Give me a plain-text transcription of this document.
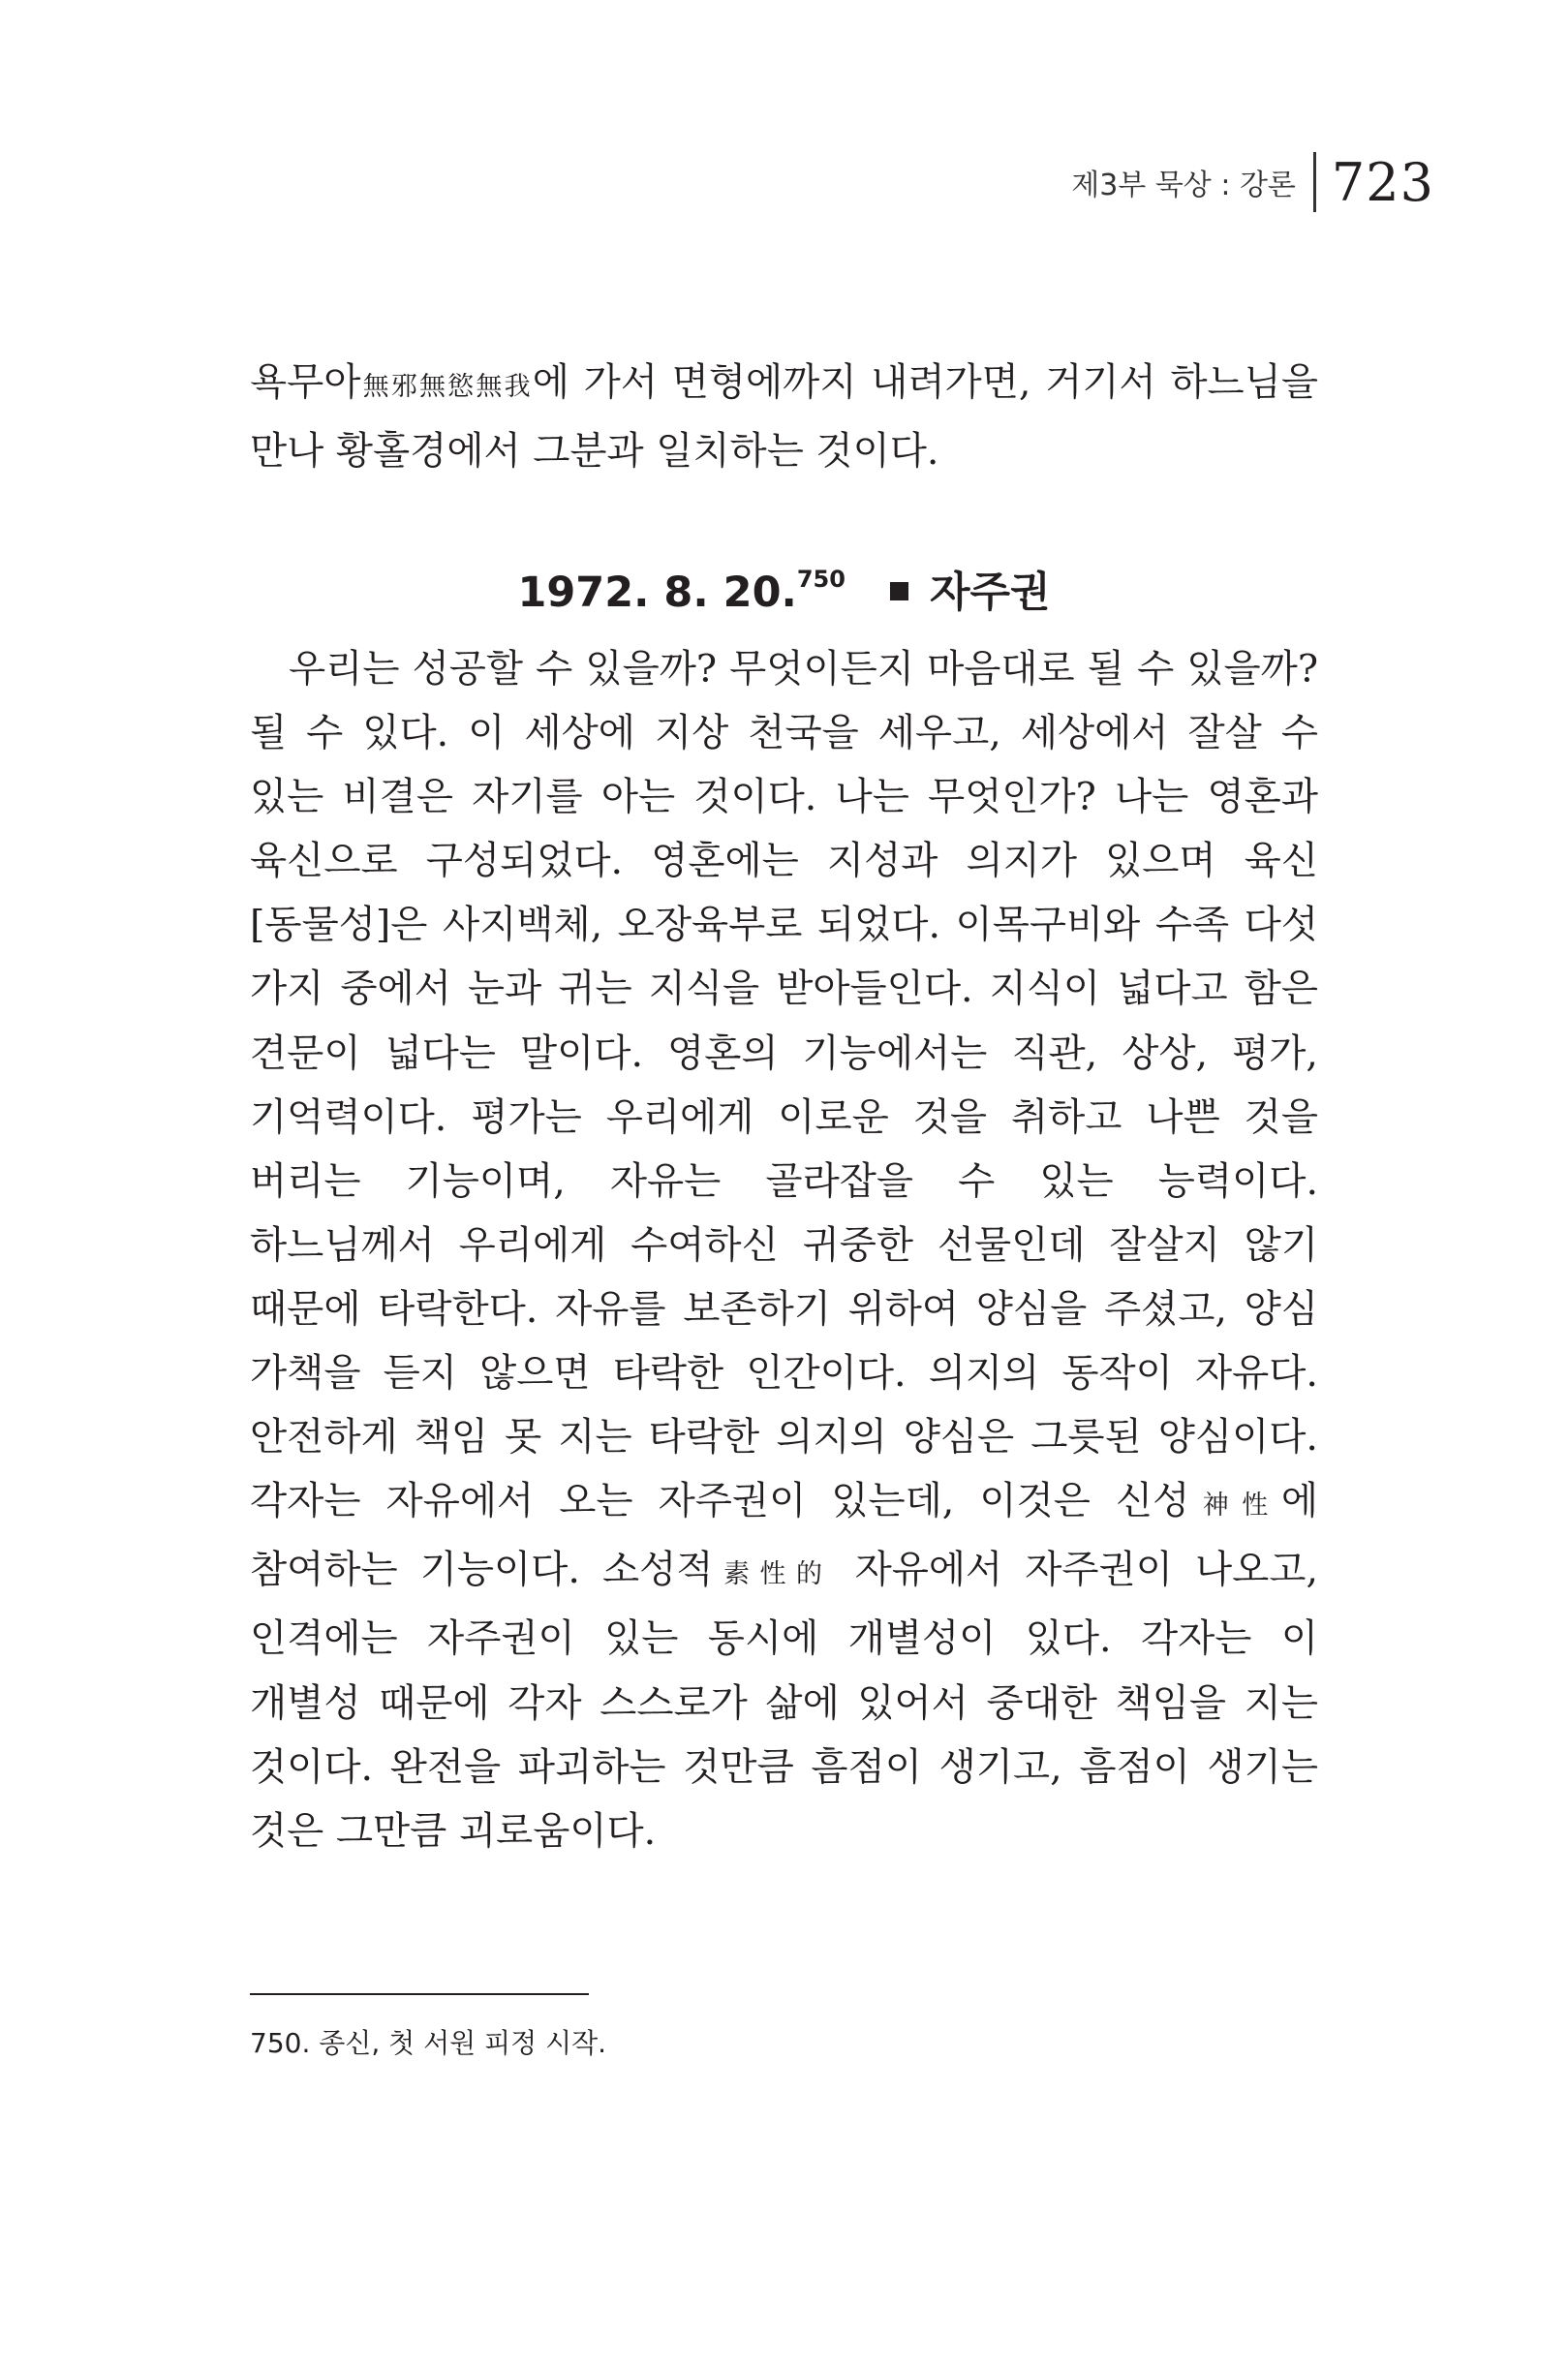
제3부 묵상 : 강론 723

욕무아無邪無慾無我에 가서 면형에까지 내려가면, 거기서 하느님을 만나 황홀경에서 그분과 일치하는 것이다.

1972. 8. 20.$^{750}$ 자주권

우리는 성공할 수 있을까? 무엇이든지 마음대로 될 수 있을까? 될 수 있다. 이 세상에 지상 천국을 세우고, 세상에서 잘살 수 있는 비결은 자기를 아는 것이다. 나는 무엇인가? 나는 영혼과 육신으로 구성되었다. 영혼에는 지성과 의지가 있으며 육신[동물성]은 사지백체, 오장육부로 되었다. 이목구비와 수족 다섯 가지 중에서 눈과 귀는 지식을 받아들인다. 지식이 넓다고 함은 견문이 넓다는 말이다. 영혼의 기능에서는 직관, 상상, 평가, 기억력이다. 평가는 우리에게 이로운 것을 취하고 나쁜 것을 버리는 기능이며, 자유는 골라잡을 수 있는 능력이다. 하느님께서 우리에게 수여하신 귀중한 선물인데 잘살지 않기 때문에 타락한다. 자유를 보존하기 위하여 양심을 주셨고, 양심 가책을 듣지 않으면 타락한 인간이다. 의지의 동작이 자유다. 안전하게 책임 못 지는 타락한 의지의 양심은 그릇된 양심이다. 각자는 자유에서 오는 자주권이 있는데, 이것은 신성神性에 참여하는 기능이다. 소성적素性的 자유에서 자주권이 나오고, 인격에는 자주권이 있는 동시에 개별성이 있다. 각자는 이 개별성 때문에 각자 스스로가 삶에 있어서 중대한 책임을 지는 것이다. 완전을 파괴하는 것만큼 흠점이 생기고, 흠점이 생기는 것은 그만큼 괴로움이다.

750. 종신, 첫 서원 피정 시작.
